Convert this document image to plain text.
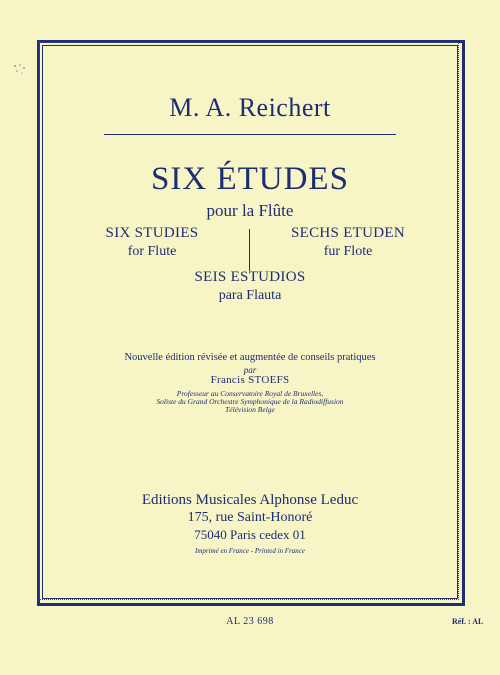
M. A. Reichert
SIX ÉTUDES
pour la Flûte
SIX STUDIES
for Flute
SECHS ETUDEN
fur Flote
SEIS ESTUDIOS
para Flauta
Nouvelle édition révisée et augmentée de conseils pratiques
par
Francis STOEFS
Professeur au Conservatoire Royal de Bruxelles,
Soliste du Grand Orchestre Symphonique de la Radiodiffusion
Télévision Belge
Editions Musicales Alphonse Leduc
175, rue Saint-Honoré
75040 Paris cedex 01
Imprimé en France - Printed in France
AL 23 698	Réf. : AL
